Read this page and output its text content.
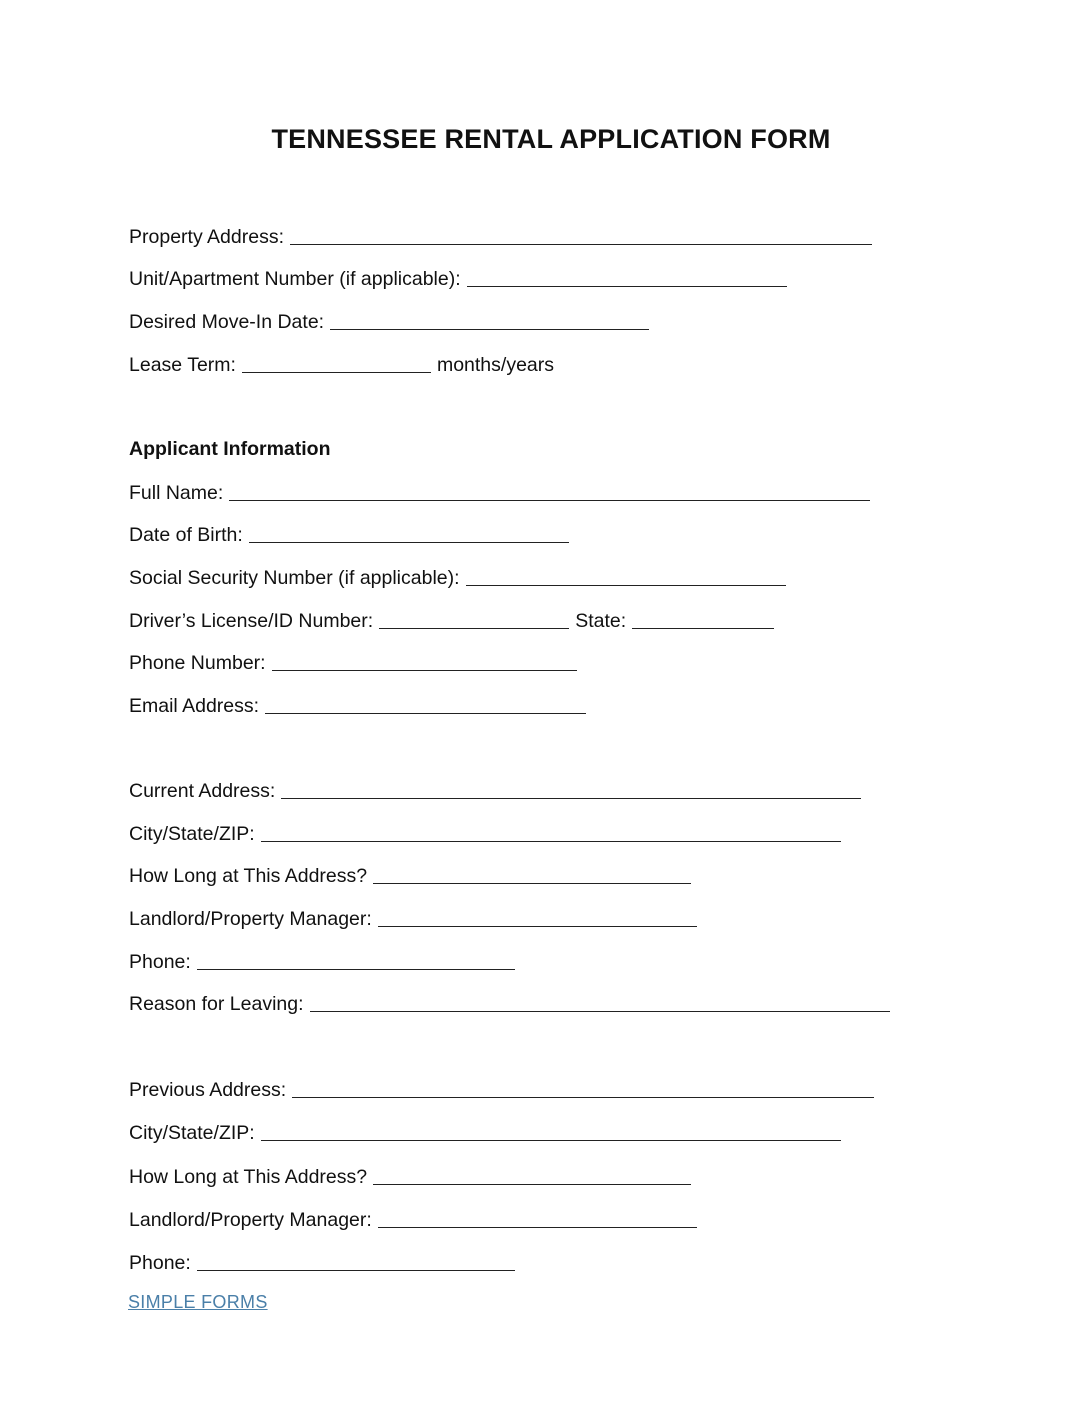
TENNESSEE RENTAL APPLICATION FORM
Property Address:
Unit/Apartment Number (if applicable):
Desired Move-In Date:
Lease Term:	months/years
Applicant Information
Full Name:
Date of Birth:
Social Security Number (if applicable):
Driver’s License/ID Number:	State:
Phone Number:
Email Address:
Current Address:
City/State/ZIP:
How Long at This Address?
Landlord/Property Manager:
Phone:
Reason for Leaving:
Previous Address:
City/State/ZIP:
How Long at This Address?
Landlord/Property Manager:
Phone:
SIMPLE FORMS
